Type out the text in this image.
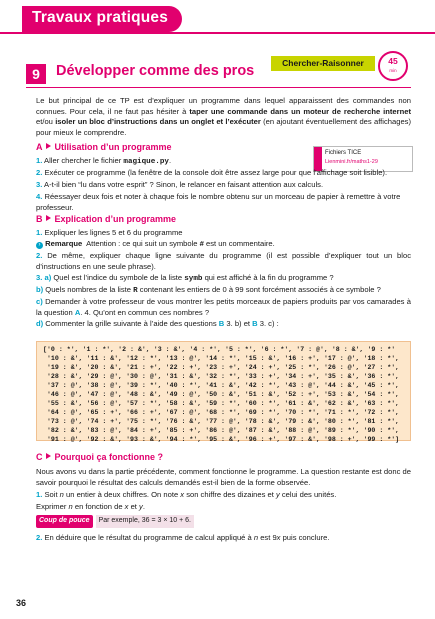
Travaux pratiques
Chercher-Raisonner	45
min
9	Développer comme des pros

Le but principal de ce TP est d’expliquer un programme dans lequel apparaissent des commandes non connues. Pour cela, il ne faut pas hésiter à taper une commande dans un moteur de recherche internet et/ou isoler un bloc d’instructions dans un onglet et l’exécuter (en ajoutant éventuellement des affichages) pour mieux le comprendre.

A Utilisation d’un programme
Fichiers TICE
Lienmini.fr/maths1-29

1. Aller chercher le fichier magique.py.

2. Exécuter ce programme (la fenêtre de la console doit être assez large pour que l’affichage soit lisible).

3. A-t-il bien “lu dans votre esprit” ? Sinon, le relancer en faisant attention aux calculs.

4. Réessayer deux fois et noter à chaque fois le nombre obtenu sur un morceau de papier à remettre à votre professeur.

B Explication d’un programme

1. Expliquer les lignes 5 et 6 du programme

› Remarque Attention : ce qui suit un symbole # est un commentaire.

2. De même, expliquer chaque ligne suivante du programme (il est possible d’expliquer tout un bloc d’instructions en une seule phrase).

3. a) Quel est l’indice du symbole de la liste symb qui est affiché à la fin du programme ?

b) Quels nombres de la liste R contenant les entiers de 0 à 99 sont forcément associés à ce symbole ?

c) Demander à votre professeur de vous montrer les petits morceaux de papiers produits par vos camarades à la question A. 4. Qu’ont en commun ces nombres ?

d) Commenter la grille suivante à l’aide des questions B 3. b) et B 3. c) :

['0 : *', '1 : *', '2 : &', '3 : &', '4 : *', '5 : *', '6 : *', '7 : @', '8 : &', '9 : *'
'10 : &', '11 : &', '12 : *', '13 : @', '14 : *', '15 : &', '16 : +', '17 : @', '18 : *',
'19 : &', '20 : &', '21 : +', '22 : +', '23 : +', '24 : +', '25 : *', '26 : @', '27 : *',
'28 : &', '29 : @', '30 : @', '31 : &', '32 : *', '33 : +', '34 : +', '35 : &', '36 : *',
'37 : @', '38 : @', '39 : *', '40 : *', '41 : &', '42 : *', '43 : @', '44 : &', '45 : *',
'46 : @', '47 : @', '48 : &', '49 : @', '50 : &', '51 : &', '52 : +', '53 : &', '54 : *',
'55 : &', '56 : @', '57 : *', '58 : &', '59 : *', '60 : *', '61 : &', '62 : &', '63 : *',
'64 : @', '65 : +', '66 : +', '67 : @', '68 : *', '69 : *', '70 : *', '71 : *', '72 : *',
'73 : @', '74 : +', '75 : *', '76 : &', '77 : @', '78 : &', '79 : &', '80 : *', '81 : *',
'82 : &', '83 : @', '84 : +', '85 : +', '86 : @', '87 : &', '88 : @', '89 : *', '90 : *',
'91 : @', '92 : &', '93 : &', '94 : *', '95 : &', '96 : +', '97 : &', '98 : +', '99 : *']
C Pourquoi ça fonctionne ?

Nous avons vu dans la partie précédente, comment fonctionne le programme. La question restante est donc de savoir pourquoi le résultat des calculs demandés est-il bien de la forme observée.

1. Soit n un entier à deux chiffres. On note x son chiffre des dizaines et y celui des unités.

Exprimer n en fonction de x et y.

Coup de pouce Par exemple, 36 = 3 × 10 + 6.

2. En déduire que le résultat du programme de calcul appliqué à n est 9x puis conclure.

36
